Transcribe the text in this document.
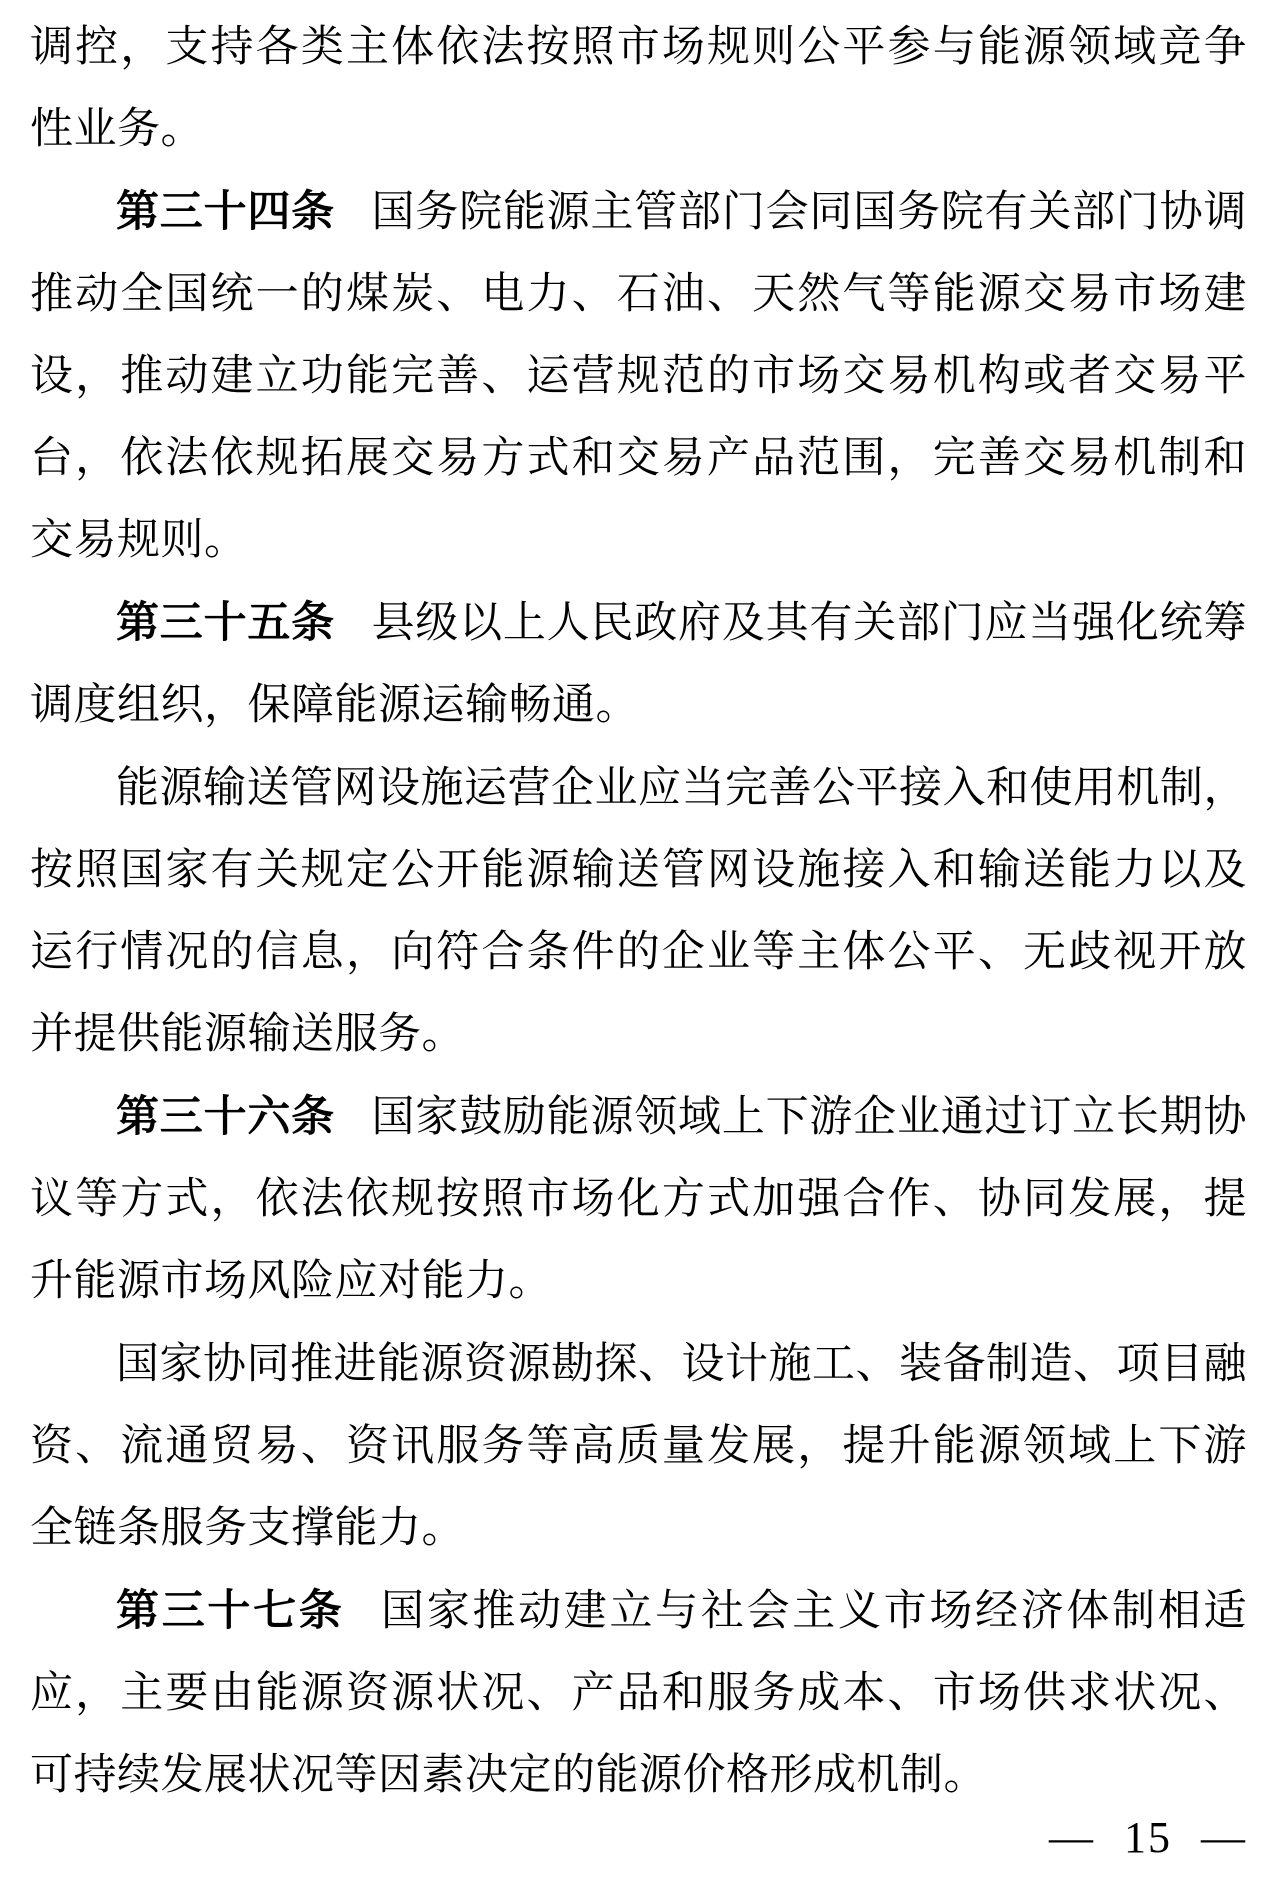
调控，支持各类主体依法按照市场规则公平参与能源领域竞争性业务。

第三十四条 国务院能源主管部门会同国务院有关部门协调推动全国统一的煤炭、电力、石油、天然气等能源交易市场建设，推动建立功能完善、运营规范的市场交易机构或者交易平台，依法依规拓展交易方式和交易产品范围，完善交易机制和交易规则。

第三十五条 县级以上人民政府及其有关部门应当强化统筹调度组织，保障能源运输畅通。

能源输送管网设施运营企业应当完善公平接入和使用机制，按照国家有关规定公开能源输送管网设施接入和输送能力以及运行情况的信息，向符合条件的企业等主体公平、无歧视开放并提供能源输送服务。

第三十六条 国家鼓励能源领域上下游企业通过订立长期协议等方式，依法依规按照市场化方式加强合作、协同发展，提升能源市场风险应对能力。

国家协同推进能源资源勘探、设计施工、装备制造、项目融资、流通贸易、资讯服务等高质量发展，提升能源领域上下游全链条服务支撑能力。

第三十七条 国家推动建立与社会主义市场经济体制相适应，主要由能源资源状况、产品和服务成本、市场供求状况、可持续发展状况等因素决定的能源价格形成机制。

— 15 —
